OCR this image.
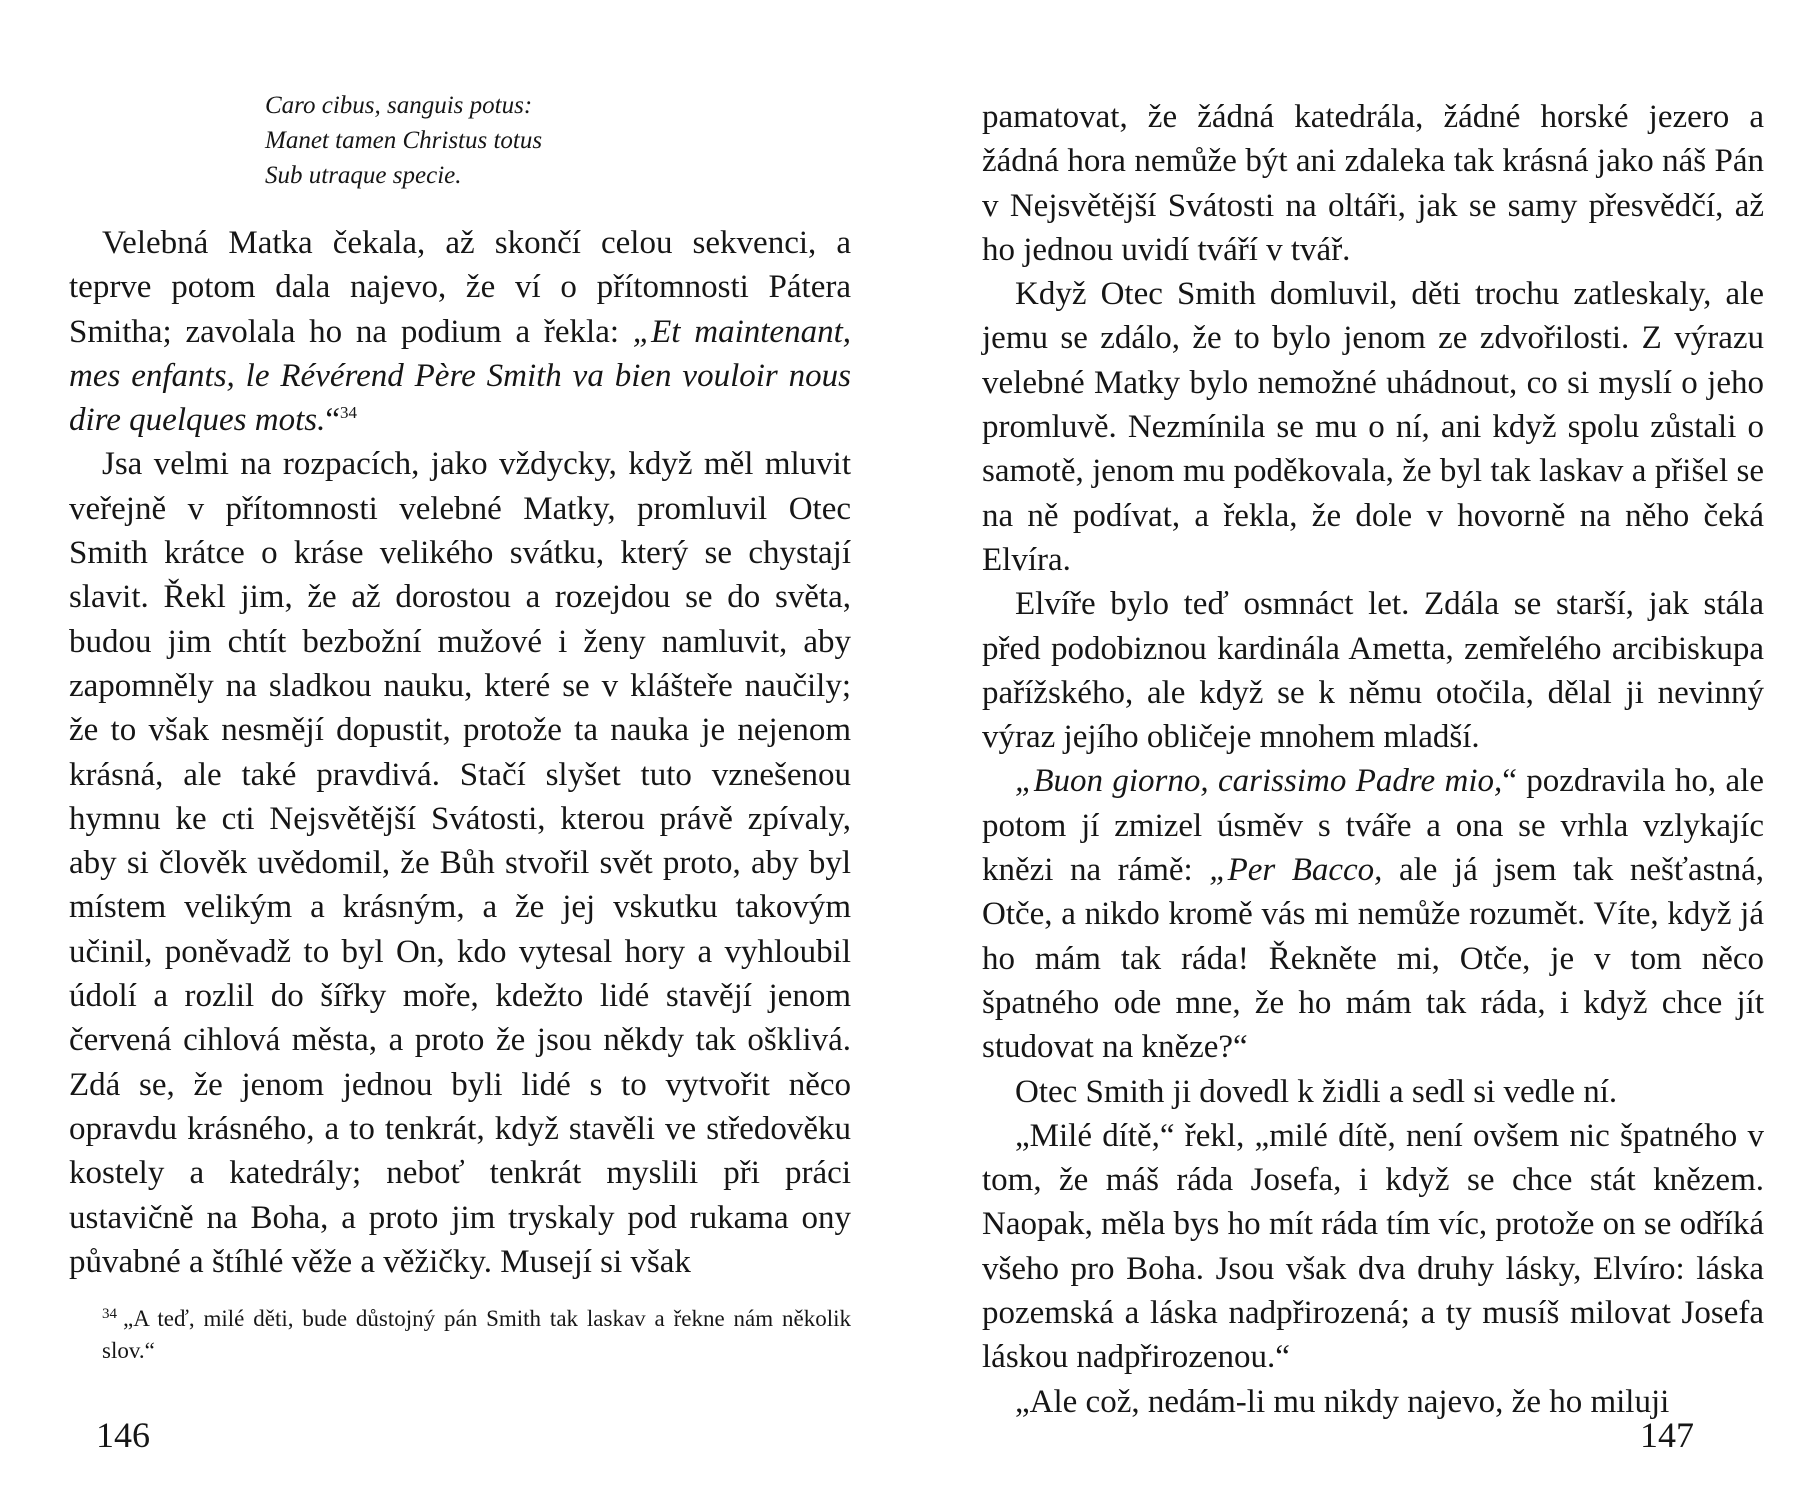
Caro cibus, sanguis potus:
Manet tamen Christus totus
Sub utraque specie.

Velebná Matka čekala, až skončí celou sekvenci, a teprve potom dala najevo, že ví o přítomnosti Pátera Smitha; zavolala ho na podium a řekla: „Et maintenant, mes enfants, le Révérend Père Smith va bien vouloir nous dire quelques mots.“$^{34}$

Jsa velmi na rozpacích, jako vždycky, když měl mluvit veřejně v přítomnosti velebné Matky, promluvil Otec Smith krátce o kráse velikého svátku, který se chystají slavit. Řekl jim, že až dorostou a rozejdou se do světa, budou jim chtít bezbožní mužové i ženy namluvit, aby zapomněly na sladkou nauku, které se v klášteře naučily; že to však nesmějí dopustit, protože ta nauka je nejenom krásná, ale také pravdivá. Stačí slyšet tuto vznešenou hymnu ke cti Nejsvětější Svátosti, kterou právě zpívaly, aby si člověk uvědomil, že Bůh stvořil svět proto, aby byl místem velikým a krásným, a že jej vskutku takovým učinil, poněvadž to byl On, kdo vytesal hory a vyhloubil údolí a rozlil do šířky moře, kdežto lidé stavějí jenom červená cihlová města, a proto že jsou někdy tak ošklivá. Zdá se, že jenom jednou byli lidé s to vytvořit něco opravdu krásného, a to tenkrát, když stavěli ve středověku kostely a katedrály; neboť tenkrát myslili při práci ustavičně na Boha, a proto jim tryskaly pod rukama ony půvabné a štíhlé věže a věžičky. Musejí si však

$^{34}$ „A teď, milé děti, bude důstojný pán Smith tak laskav a řekne nám několik slov.“
146

pamatovat, že žádná katedrála, žádné horské jezero a žádná hora nemůže být ani zdaleka tak krásná jako náš Pán v Nejsvětější Svátosti na oltáři, jak se samy přesvědčí, až ho jednou uvidí tváří v tvář.

Když Otec Smith domluvil, děti trochu zatleskaly, ale jemu se zdálo, že to bylo jenom ze zdvořilosti. Z výrazu velebné Matky bylo nemožné uhádnout, co si myslí o jeho promluvě. Nezmínila se mu o ní, ani když spolu zůstali o samotě, jenom mu poděkovala, že byl tak laskav a přišel se na ně podívat, a řekla, že dole v hovorně na něho čeká Elvíra.

Elvíře bylo teď osmnáct let. Zdála se starší, jak stála před podobiznou kardinála Ametta, zemřelého arcibiskupa pařížského, ale když se k němu otočila, dělal ji nevinný výraz jejího obličeje mnohem mladší.

„Buon giorno, carissimo Padre mio,“ pozdravila ho, ale potom jí zmizel úsměv s tváře a ona se vrhla vzlykajíc knězi na rámě: „Per Bacco, ale já jsem tak nešťastná, Otče, a nikdo kromě vás mi nemůže rozumět. Víte, když já ho mám tak ráda! Řekněte mi, Otče, je v tom něco špatného ode mne, že ho mám tak ráda, i když chce jít studovat na kněze?“

Otec Smith ji dovedl k židli a sedl si vedle ní.

„Milé dítě,“ řekl, „milé dítě, není ovšem nic špatného v tom, že máš ráda Josefa, i když se chce stát knězem. Naopak, měla bys ho mít ráda tím víc, protože on se odříká všeho pro Boha. Jsou však dva druhy lásky, Elvíro: láska pozemská a láska nadpřirozená; a ty musíš milovat Josefa láskou nadpřirozenou.“

„Ale což, nedám-li mu nikdy najevo, že ho miluji

147
